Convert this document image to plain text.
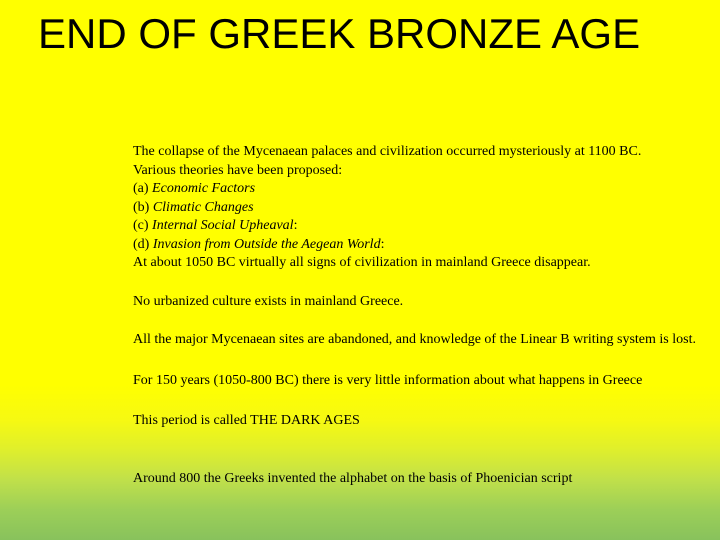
END OF GREEK BRONZE AGE

The collapse of the Mycenaean palaces and civilization occurred mysteriously at 1100 BC.

Various theories have been proposed:

(a) Economic Factors

(b) Climatic Changes

(c) Internal Social Upheaval:

(d) Invasion from Outside the Aegean World:

At about 1050 BC virtually all signs of civilization in mainland Greece disappear.

No urbanized culture exists in mainland Greece.

All the major Mycenaean sites are abandoned, and knowledge of the Linear B writing system is lost.

For 150 years (1050-800 BC) there is very little information about what happens in Greece

This period is called THE DARK AGES

Around 800 the Greeks invented the alphabet on the basis of Phoenician script
